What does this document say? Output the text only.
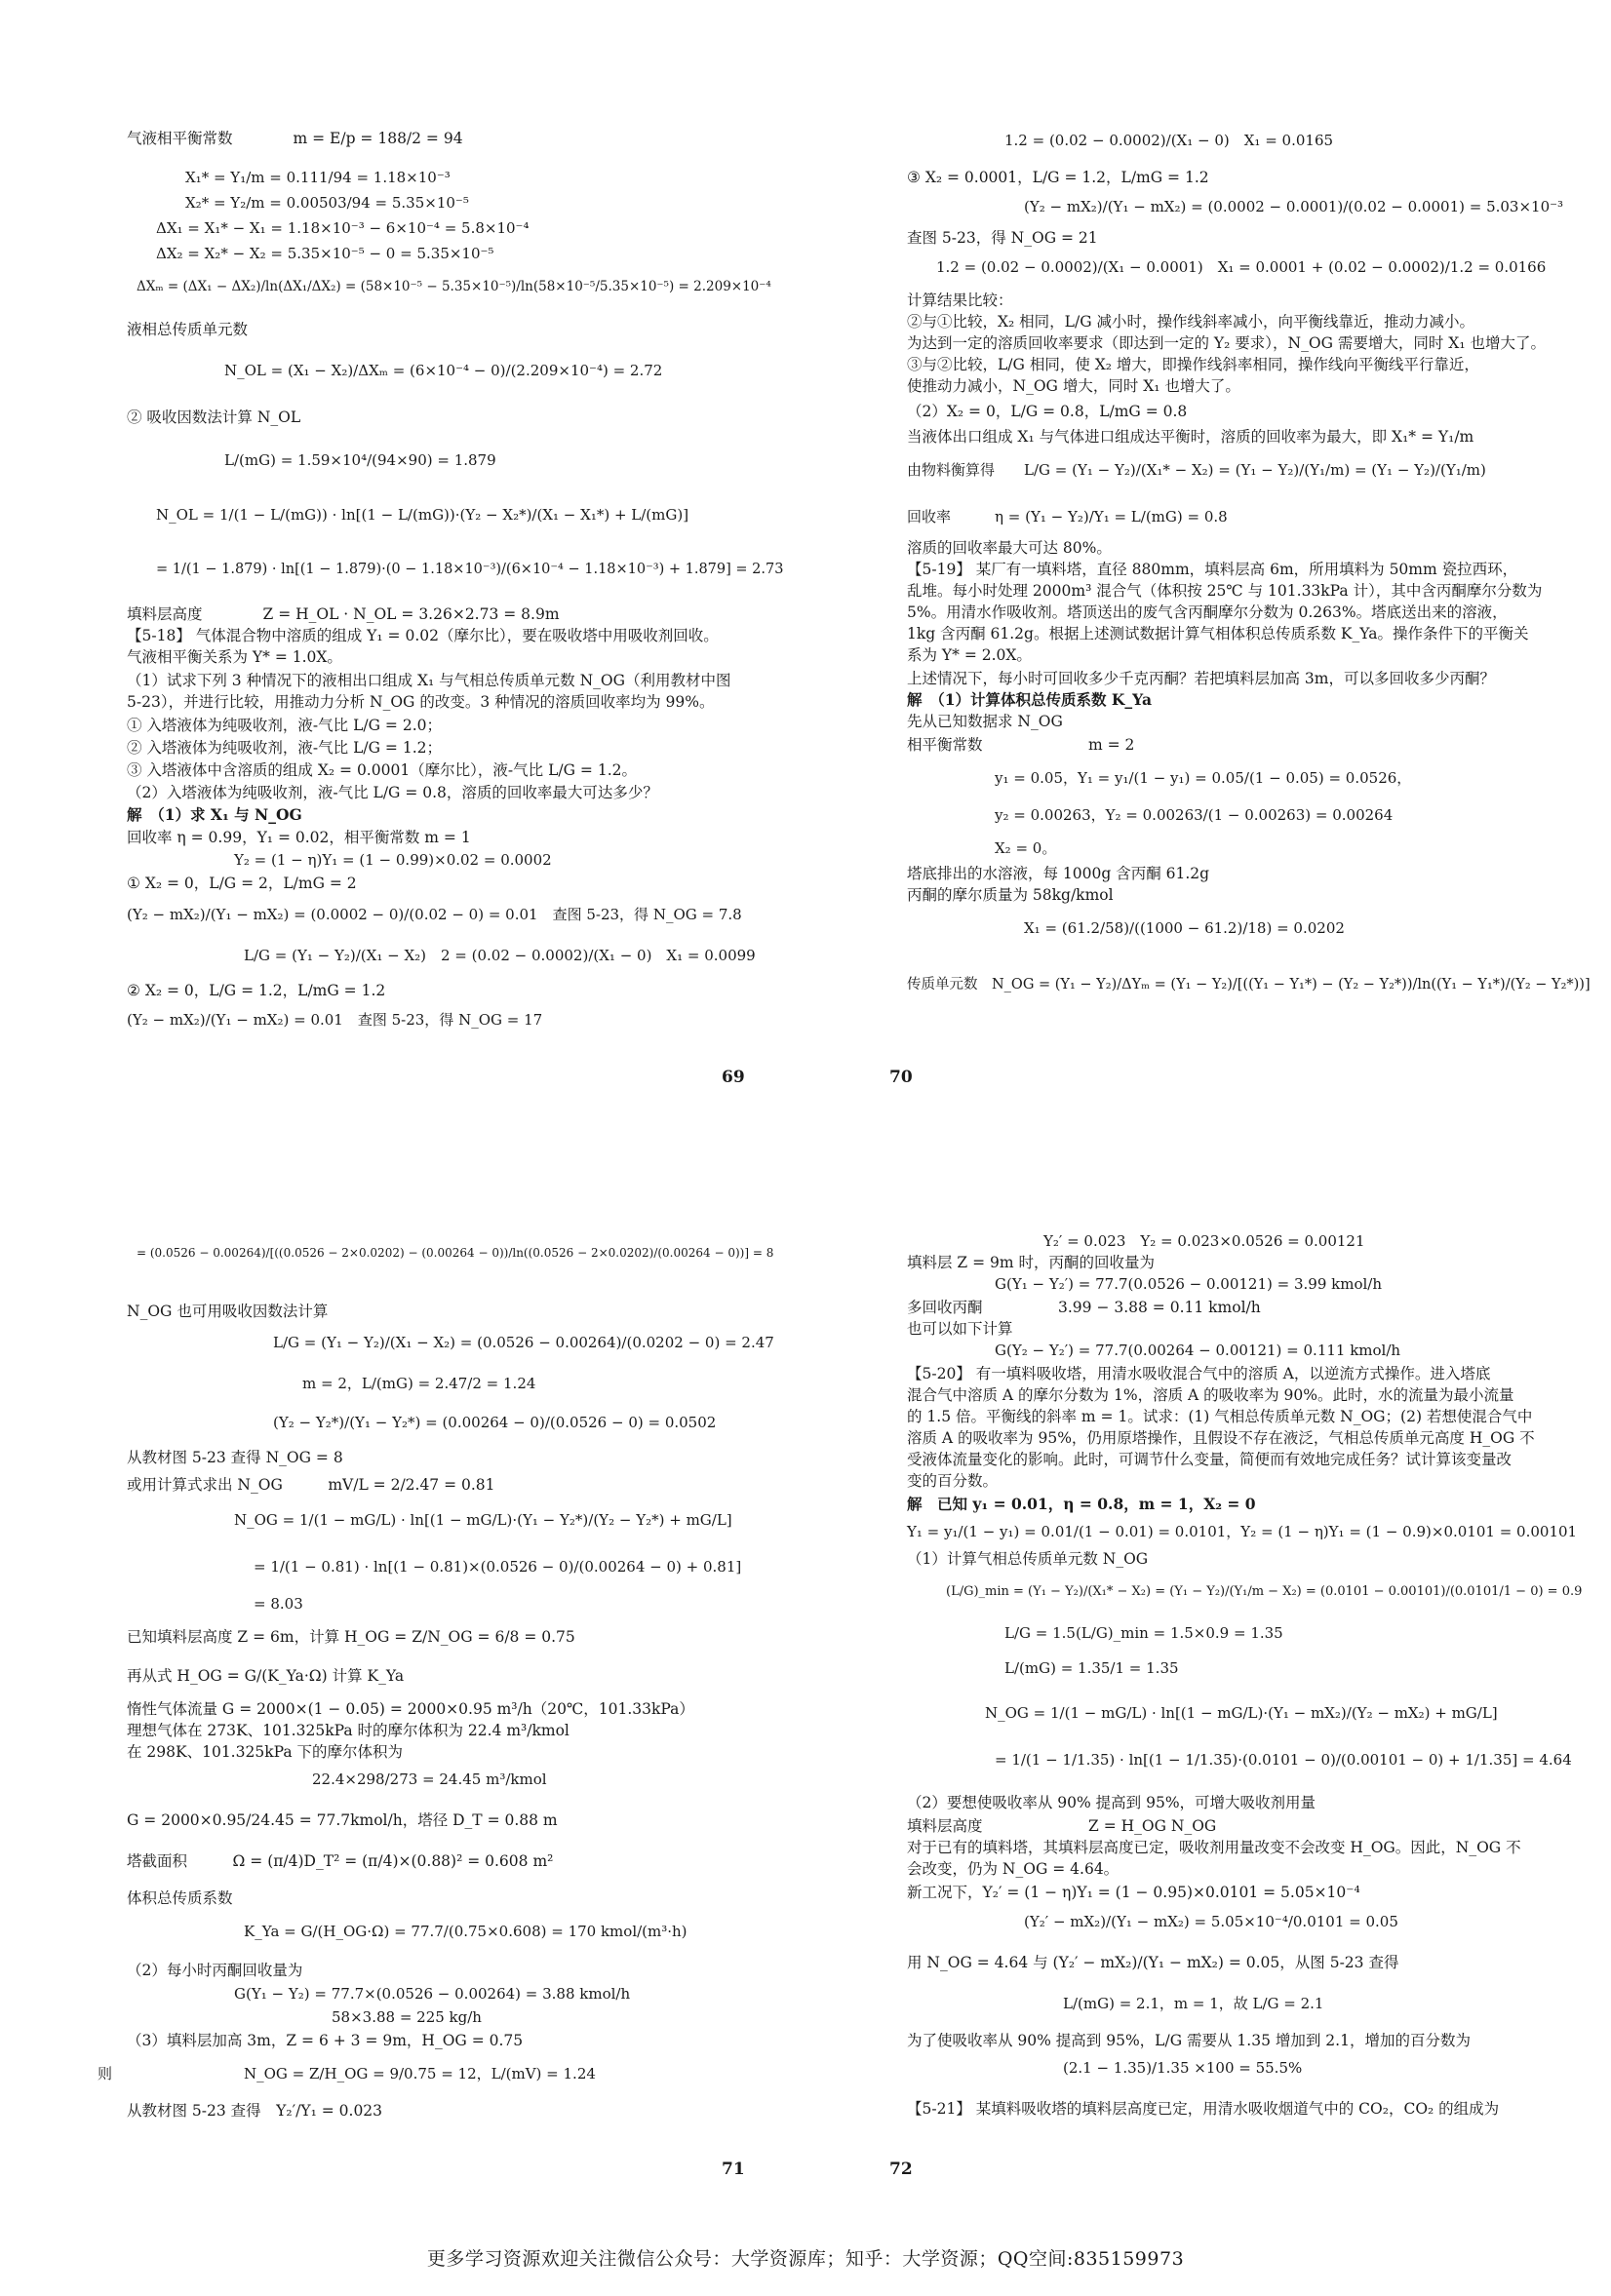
气液相平衡常数　　　　m = E/p = 188/2 = 94
X₁* = Y₁/m = 0.111/94 = 1.18×10⁻³
X₂* = Y₂/m = 0.00503/94 = 5.35×10⁻⁵
ΔX₁ = X₁* − X₁ = 1.18×10⁻³ − 6×10⁻⁴ = 5.8×10⁻⁴
ΔX₂ = X₂* − X₂ = 5.35×10⁻⁵ − 0 = 5.35×10⁻⁵
ΔXₘ = (ΔX₁ − ΔX₂)/ln(ΔX₁/ΔX₂) = (58×10⁻⁵ − 5.35×10⁻⁵)/ln(58×10⁻⁵/5.35×10⁻⁵) = 2.209×10⁻⁴
液相总传质单元数
N_OL = (X₁ − X₂)/ΔXₘ = (6×10⁻⁴ − 0)/(2.209×10⁻⁴) = 2.72
② 吸收因数法计算 N_OL
L/(mG) = 1.59×10⁴/(94×90) = 1.879
N_OL = 1/(1 − L/(mG)) · ln[(1 − L/(mG))·(Y₂ − X₂*)/(X₁ − X₁*) + L/(mG)]
= 1/(1 − 1.879) · ln[(1 − 1.879)·(0 − 1.18×10⁻³)/(6×10⁻⁴ − 1.18×10⁻³) + 1.879] = 2.73
填料层高度　　　　Z = H_OL · N_OL = 3.26×2.73 = 8.9m
【5-18】 气体混合物中溶质的组成 Y₁ = 0.02（摩尔比），要在吸收塔中用吸收剂回收。
气液相平衡关系为 Y* = 1.0X。
（1）试求下列 3 种情况下的液相出口组成 X₁ 与气相总传质单元数 N_OG（利用教材中图
5-23），并进行比较，用推动力分析 N_OG 的改变。3 种情况的溶质回收率均为 99%。
① 入塔液体为纯吸收剂，液-气比 L/G = 2.0；
② 入塔液体为纯吸收剂，液-气比 L/G = 1.2；
③ 入塔液体中含溶质的组成 X₂ = 0.0001（摩尔比），液-气比 L/G = 1.2。
（2）入塔液体为纯吸收剂，液-气比 L/G = 0.8，溶质的回收率最大可达多少？
解　（1）求 X₁ 与 N_OG
回收率 η = 0.99，Y₁ = 0.02，相平衡常数 m = 1
Y₂ = (1 − η)Y₁ = (1 − 0.99)×0.02 = 0.0002
① X₂ = 0，L/G = 2，L/mG = 2
(Y₂ − mX₂)/(Y₁ − mX₂) = (0.0002 − 0)/(0.02 − 0) = 0.01　查图 5-23，得 N_OG = 7.8
L/G = (Y₁ − Y₂)/(X₁ − X₂)　2 = (0.02 − 0.0002)/(X₁ − 0)　X₁ = 0.0099
② X₂ = 0，L/G = 1.2，L/mG = 1.2
(Y₂ − mX₂)/(Y₁ − mX₂) = 0.01　查图 5-23，得 N_OG = 17
69
1.2 = (0.02 − 0.0002)/(X₁ − 0)　X₁ = 0.0165
③ X₂ = 0.0001，L/G = 1.2，L/mG = 1.2
(Y₂ − mX₂)/(Y₁ − mX₂) = (0.0002 − 0.0001)/(0.02 − 0.0001) = 5.03×10⁻³
查图 5-23，得 N_OG = 21
1.2 = (0.02 − 0.0002)/(X₁ − 0.0001)　X₁ = 0.0001 + (0.02 − 0.0002)/1.2 = 0.0166
计算结果比较：
②与①比较，X₂ 相同，L/G 减小时，操作线斜率减小，向平衡线靠近，推动力减小。
为达到一定的溶质回收率要求（即达到一定的 Y₂ 要求），N_OG 需要增大，同时 X₁ 也增大了。
③与②比较，L/G 相同，使 X₂ 增大，即操作线斜率相同，操作线向平衡线平行靠近，
使推动力减小，N_OG 增大，同时 X₁ 也增大了。
（2）X₂ = 0，L/G = 0.8，L/mG = 0.8
当液体出口组成 X₁ 与气体进口组成达平衡时，溶质的回收率为最大，即 X₁* = Y₁/m
由物料衡算得　　L/G = (Y₁ − Y₂)/(X₁* − X₂) = (Y₁ − Y₂)/(Y₁/m) = (Y₁ − Y₂)/(Y₁/m)
回收率　　　η = (Y₁ − Y₂)/Y₁ = L/(mG) = 0.8
溶质的回收率最大可达 80%。
【5-19】 某厂有一填料塔，直径 880mm，填料层高 6m，所用填料为 50mm 瓷拉西环，
乱堆。每小时处理 2000m³ 混合气（体积按 25℃ 与 101.33kPa 计），其中含丙酮摩尔分数为
5%。用清水作吸收剂。塔顶送出的废气含丙酮摩尔分数为 0.263%。塔底送出来的溶液，
1kg 含丙酮 61.2g。根据上述测试数据计算气相体积总传质系数 K_Ya。操作条件下的平衡关
系为 Y* = 2.0X。
上述情况下，每小时可回收多少千克丙酮？若把填料层加高 3m，可以多回收多少丙酮？
解　（1）计算体积总传质系数 K_Ya
先从已知数据求 N_OG
相平衡常数　　　　　　　m = 2
y₁ = 0.05，Y₁ = y₁/(1 − y₁) = 0.05/(1 − 0.05) = 0.0526，
y₂ = 0.00263，Y₂ = 0.00263/(1 − 0.00263) = 0.00264
X₂ = 0。
塔底排出的水溶液，每 1000g 含丙酮 61.2g
丙酮的摩尔质量为 58kg/kmol
X₁ = (61.2/58)/((1000 − 61.2)/18) = 0.0202
传质单元数　N_OG = (Y₁ − Y₂)/ΔYₘ = (Y₁ − Y₂)/[((Y₁ − Y₁*) − (Y₂ − Y₂*))/ln((Y₁ − Y₁*)/(Y₂ − Y₂*))]
70
= (0.0526 − 0.00264)/[((0.0526 − 2×0.0202) − (0.00264 − 0))/ln((0.0526 − 2×0.0202)/(0.00264 − 0))] = 8
N_OG 也可用吸收因数法计算
L/G = (Y₁ − Y₂)/(X₁ − X₂) = (0.0526 − 0.00264)/(0.0202 − 0) = 2.47
m = 2，L/(mG) = 2.47/2 = 1.24
(Y₂ − Y₂*)/(Y₁ − Y₂*) = (0.00264 − 0)/(0.0526 − 0) = 0.0502
从教材图 5-23 查得 N_OG = 8
或用计算式求出 N_OG　　　mV/L = 2/2.47 = 0.81
N_OG = 1/(1 − mG/L) · ln[(1 − mG/L)·(Y₁ − Y₂*)/(Y₂ − Y₂*) + mG/L]
= 1/(1 − 0.81) · ln[(1 − 0.81)×(0.0526 − 0)/(0.00264 − 0) + 0.81]
= 8.03
已知填料层高度 Z = 6m，计算 H_OG = Z/N_OG = 6/8 = 0.75
再从式 H_OG = G/(K_Ya·Ω) 计算 K_Ya
惰性气体流量 G = 2000×(1 − 0.05) = 2000×0.95 m³/h（20℃，101.33kPa）
理想气体在 273K、101.325kPa 时的摩尔体积为 22.4 m³/kmol
在 298K、101.325kPa 下的摩尔体积为
22.4×298/273 = 24.45 m³/kmol
G = 2000×0.95/24.45 = 77.7kmol/h，塔径 D_T = 0.88 m
塔截面积　　　Ω = (π/4)D_T² = (π/4)×(0.88)² = 0.608 m²
体积总传质系数
K_Ya = G/(H_OG·Ω) = 77.7/(0.75×0.608) = 170 kmol/(m³·h)
（2）每小时丙酮回收量为
G(Y₁ − Y₂) = 77.7×(0.0526 − 0.00264) = 3.88 kmol/h
58×3.88 = 225 kg/h
（3）填料层加高 3m，Z = 6 + 3 = 9m，H_OG = 0.75
则　　　　　　　　　N_OG = Z/H_OG = 9/0.75 = 12，L/(mV) = 1.24
从教材图 5-23 查得　Y₂′/Y₁ = 0.023
71
Y₂′ = 0.023　Y₂ = 0.023×0.0526 = 0.00121
填料层 Z = 9m 时，丙酮的回收量为
G(Y₁ − Y₂′) = 77.7(0.0526 − 0.00121) = 3.99 kmol/h
多回收丙酮　　　　　3.99 − 3.88 = 0.11 kmol/h
也可以如下计算
G(Y₂ − Y₂′) = 77.7(0.00264 − 0.00121) = 0.111 kmol/h
【5-20】 有一填料吸收塔，用清水吸收混合气中的溶质 A，以逆流方式操作。进入塔底
混合气中溶质 A 的摩尔分数为 1%，溶质 A 的吸收率为 90%。此时，水的流量为最小流量
的 1.5 倍。平衡线的斜率 m = 1。试求：(1) 气相总传质单元数 N_OG；(2) 若想使混合气中
溶质 A 的吸收率为 95%，仍用原塔操作，且假设不存在液泛，气相总传质单元高度 H_OG 不
受液体流量变化的影响。此时，可调节什么变量，简便而有效地完成任务？试计算该变量改
变的百分数。
解　已知 y₁ = 0.01，η = 0.8，m = 1，X₂ = 0
Y₁ = y₁/(1 − y₁) = 0.01/(1 − 0.01) = 0.0101，Y₂ = (1 − η)Y₁ = (1 − 0.9)×0.0101 = 0.00101
（1）计算气相总传质单元数 N_OG
(L/G)_min = (Y₁ − Y₂)/(X₁* − X₂) = (Y₁ − Y₂)/(Y₁/m − X₂) = (0.0101 − 0.00101)/(0.0101/1 − 0) = 0.9
L/G = 1.5(L/G)_min = 1.5×0.9 = 1.35
L/(mG) = 1.35/1 = 1.35
N_OG = 1/(1 − mG/L) · ln[(1 − mG/L)·(Y₁ − mX₂)/(Y₂ − mX₂) + mG/L]
= 1/(1 − 1/1.35) · ln[(1 − 1/1.35)·(0.0101 − 0)/(0.00101 − 0) + 1/1.35] = 4.64
（2）要想使吸收率从 90% 提高到 95%，可增大吸收剂用量
填料层高度　　　　　　　Z = H_OG N_OG
对于已有的填料塔，其填料层高度已定，吸收剂用量改变不会改变 H_OG。因此，N_OG 不
会改变，仍为 N_OG = 4.64。
新工况下，Y₂′ = (1 − η)Y₁ = (1 − 0.95)×0.0101 = 5.05×10⁻⁴
(Y₂′ − mX₂)/(Y₁ − mX₂) = 5.05×10⁻⁴/0.0101 = 0.05
用 N_OG = 4.64 与 (Y₂′ − mX₂)/(Y₁ − mX₂) = 0.05，从图 5-23 查得
L/(mG) = 2.1，m = 1，故 L/G = 2.1
为了使吸收率从 90% 提高到 95%，L/G 需要从 1.35 增加到 2.1，增加的百分数为
(2.1 − 1.35)/1.35 ×100 = 55.5%
【5-21】 某填料吸收塔的填料层高度已定，用清水吸收烟道气中的 CO₂，CO₂ 的组成为
72
更多学习资源欢迎关注微信公众号：大学资源库；知乎：大学资源；QQ空间:835159973
